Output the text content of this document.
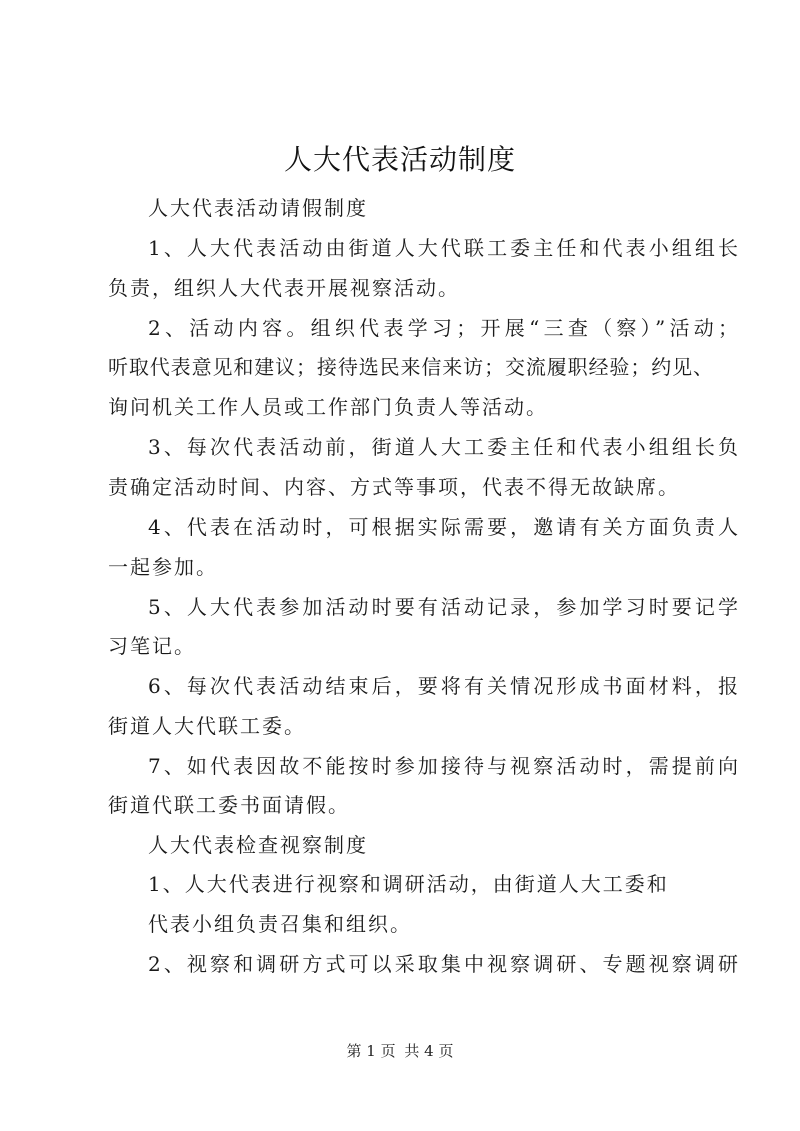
人大代表活动制度
人大代表活动请假制度
1、人大代表活动由街道人大代联工委主任和代表小组组长
负责，组织人大代表开展视察活动。
2、活动内容。组织代表学习；开展“三查（察）”活动；
听取代表意见和建议；接待选民来信来访；交流履职经验；约见、
询问机关工作人员或工作部门负责人等活动。
3、每次代表活动前，街道人大工委主任和代表小组组长负
责确定活动时间、内容、方式等事项，代表不得无故缺席。
4、代表在活动时，可根据实际需要，邀请有关方面负责人
一起参加。
5、人大代表参加活动时要有活动记录，参加学习时要记学
习笔记。
6、每次代表活动结束后，要将有关情况形成书面材料，报
街道人大代联工委。
7、如代表因故不能按时参加接待与视察活动时，需提前向
街道代联工委书面请假。
人大代表检查视察制度
1、人大代表进行视察和调研活动，由街道人大工委和
代表小组负责召集和组织。
2、视察和调研方式可以采取集中视察调研、专题视察调研
第 1 页 共 4 页
